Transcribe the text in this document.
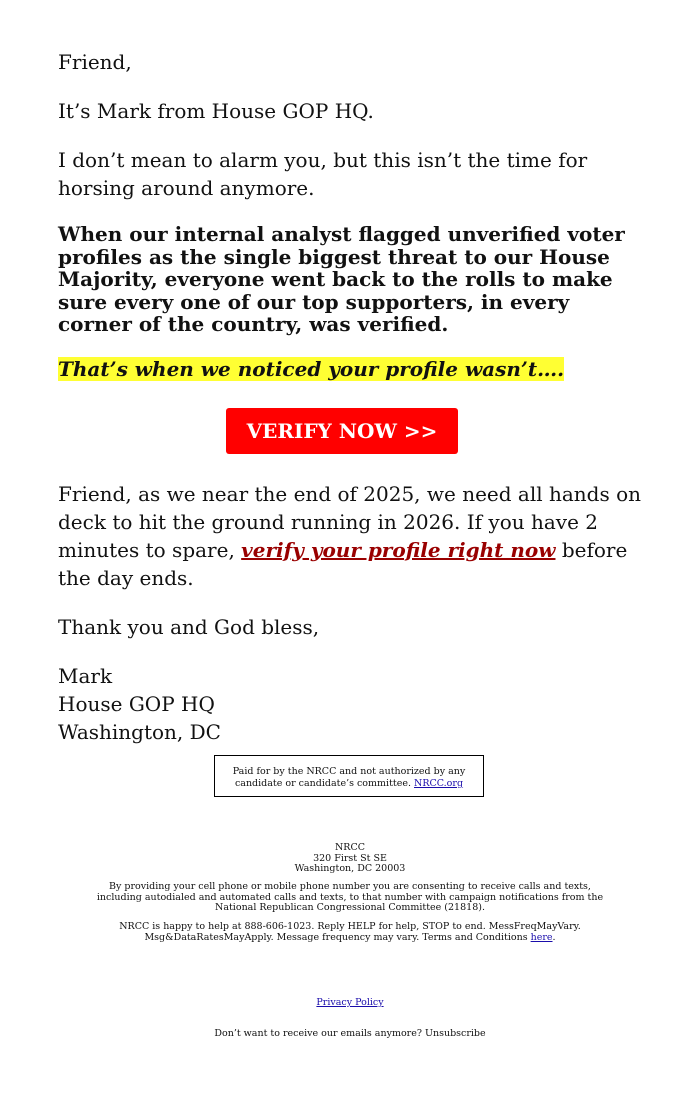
Friend,

It’s Mark from House GOP HQ.

I don’t mean to alarm you, but this isn’t the time for horsing around anymore.

When our internal analyst flagged unverified voter profiles as the single biggest threat to our House Majority, everyone went back to the rolls to make sure every one of our top supporters, in every corner of the country, was verified.

That’s when we noticed your profile wasn’t….

VERIFY NOW >>

Friend, as we near the end of 2025, we need all hands on deck to hit the ground running in 2026. If you have 2 minutes to spare, verify your profile right now before the day ends.

Thank you and God bless,

Mark
House GOP HQ
Washington, DC
Paid for by the NRCC and not authorized by any candidate or candidate’s committee. NRCC.org
NRCC
320 First St SE
Washington, DC 20003
By providing your cell phone or mobile phone number you are consenting to receive calls and texts, including autodialed and automated calls and texts, to that number with campaign notifications from the National Republican Congressional Committee (21818).
NRCC is happy to help at 888-606-1023. Reply HELP for help, STOP to end. MessFreqMayVary. Msg&DataRatesMayApply. Message frequency may vary. Terms and Conditions here.
Privacy Policy
Don’t want to receive our emails anymore? Unsubscribe
